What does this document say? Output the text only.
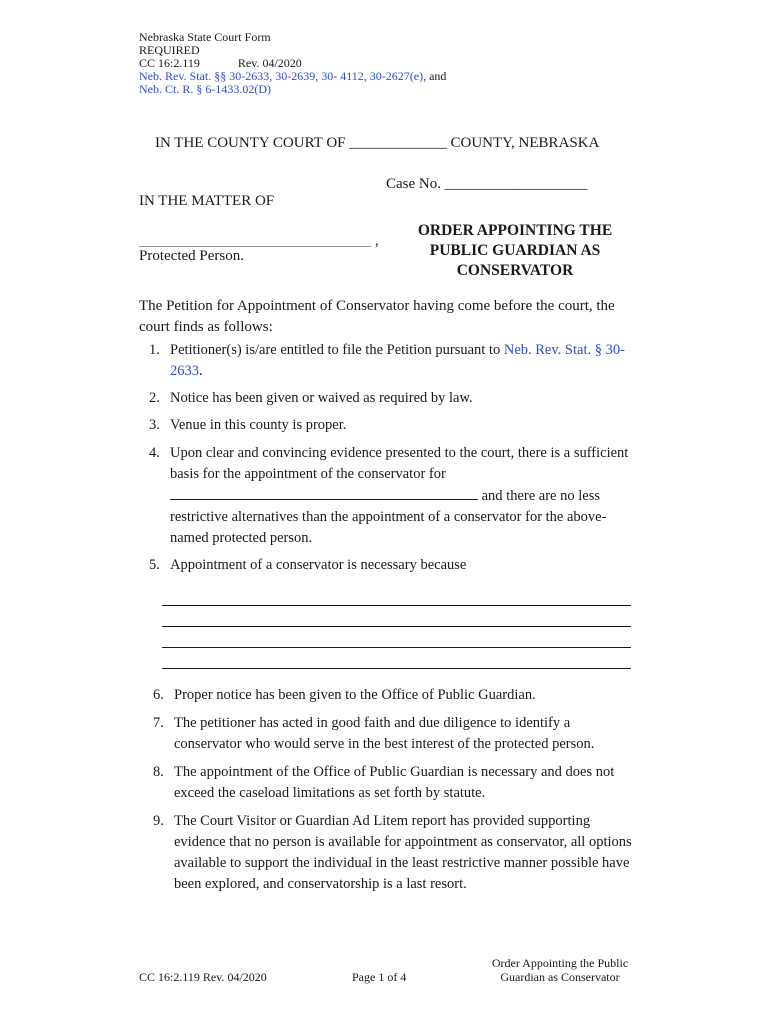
Nebraska State Court Form
REQUIRED
CC 16:2.119	Rev. 04/2020
Neb. Rev. Stat. §§ 30-2633, 30-2639, 30- 4112, 30-2627(e), and
Neb. Ct. R. § 6-1433.02(D)
IN THE COUNTY COURT OF _____________ COUNTY, NEBRASKA
Case No. ___________________
IN THE MATTER OF
,
Protected Person.
ORDER APPOINTING THE
PUBLIC GUARDIAN AS
CONSERVATOR
The Petition for Appointment of Conservator having come before the court, the court finds as follows:
1. Petitioner(s) is/are entitled to file the Petition pursuant to Neb. Rev. Stat. § 30-2633.
2. Notice has been given or waived as required by law.
3. Venue in this county is proper.
4. Upon clear and convincing evidence presented to the court, there is a sufficient basis for the appointment of the conservator for  and there are no less restrictive alternatives than the appointment of a conservator for the above-named protected person.
5. Appointment of a conservator is necessary because
6. Proper notice has been given to the Office of Public Guardian.
7. The petitioner has acted in good faith and due diligence to identify a conservator who would serve in the best interest of the protected person.
8. The appointment of the Office of Public Guardian is necessary and does not exceed the caseload limitations as set forth by statute.
9. The Court Visitor or Guardian Ad Litem report has provided supporting evidence that no person is available for appointment as conservator, all options available to support the individual in the least restrictive manner possible have been explored, and conservatorship is a last resort.
CC 16:2.119 Rev. 04/2020	Page 1 of 4
Order Appointing the Public
Guardian as Conservator
